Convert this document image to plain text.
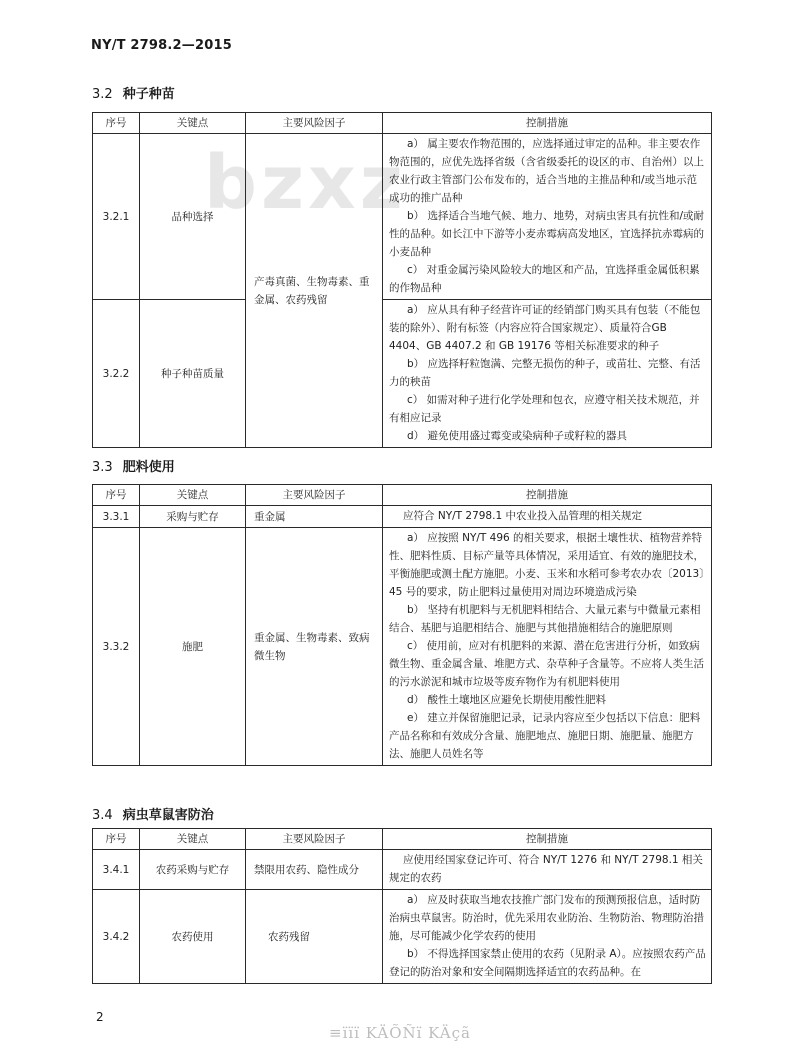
NY/T 2798.2—2015
bzxz
3.2 种子种苗
序号	关键点	主要风险因子	控制措施
3.2.1	品种选择	产毒真菌、生物毒素、重金属、农药残留	a） 属主要农作物范围的，应选择通过审定的品种。非主要农作物范围的，应优先选择省级（含省级委托的设区的市、自治州）以上农业行政主管部门公布发布的，适合当地的主推品种和/或当地示范成功的推广品种

b） 选择适合当地气候、地力、地势，对病虫害具有抗性和/或耐性的品种。如长江中下游等小麦赤霉病高发地区，宜选择抗赤霉病的小麦品种

c） 对重金属污染风险较大的地区和产品，宜选择重金属低积累的作物品种

3.2.2	种子种苗质量		a） 应从具有种子经营许可证的经销部门购买具有包装（不能包装的除外）、附有标签（内容应符合国家规定）、质量符合GB 4404、GB 4407.2 和 GB 19176 等相关标准要求的种子

b） 应选择籽粒饱满、完整无损伤的种子，或苗壮、完整、有活力的秧苗

c） 如需对种子进行化学处理和包衣，应遵守相关技术规范，并有相应记录

d） 避免使用盛过霉变或染病种子或籽粒的器具

3.3 肥料使用
序号	关键点	主要风险因子	控制措施
3.3.1	采购与贮存	重金属	应符合 NY/T 2798.1 中农业投入品管理的相关规定

3.3.2	施肥	重金属、生物毒素、致病微生物	a） 应按照 NY/T 496 的相关要求，根据土壤性状、植物营养特性、肥料性质、目标产量等具体情况，采用适宜、有效的施肥技术，平衡施肥或测土配方施肥。小麦、玉米和水稻可参考农办农〔2013〕45 号的要求，防止肥料过量使用对周边环境造成污染

b） 坚持有机肥料与无机肥料相结合、大量元素与中微量元素相结合、基肥与追肥相结合、施肥与其他措施相结合的施肥原则

c） 使用前，应对有机肥料的来源、潜在危害进行分析，如致病微生物、重金属含量、堆肥方式、杂草种子含量等。不应将人类生活的污水淤泥和城市垃圾等废弃物作为有机肥料使用

d） 酸性土壤地区应避免长期使用酸性肥料

e） 建立并保留施肥记录，记录内容应至少包括以下信息：肥料产品名称和有效成分含量、施肥地点、施肥日期、施肥量、施肥方法、施肥人员姓名等

3.4 病虫草鼠害防治
序号	关键点	主要风险因子	控制措施
3.4.1	农药采购与贮存	禁限用农药、隐性成分	应使用经国家登记许可、符合 NY/T 1276 和 NY/T 2798.1 相关规定的农药

3.4.2	农药使用	农药残留	a） 应及时获取当地农技推广部门发布的预测预报信息，适时防治病虫草鼠害。防治时，优先采用农业防治、生物防治、物理防治措施，尽可能减少化学农药的使用

b） 不得选择国家禁止使用的农药（见附录 A）。应按照农药产品登记的防治对象和安全间隔期选择适宜的农药品种。在

2
≡ïïï KÄÕÑï KÄçã
